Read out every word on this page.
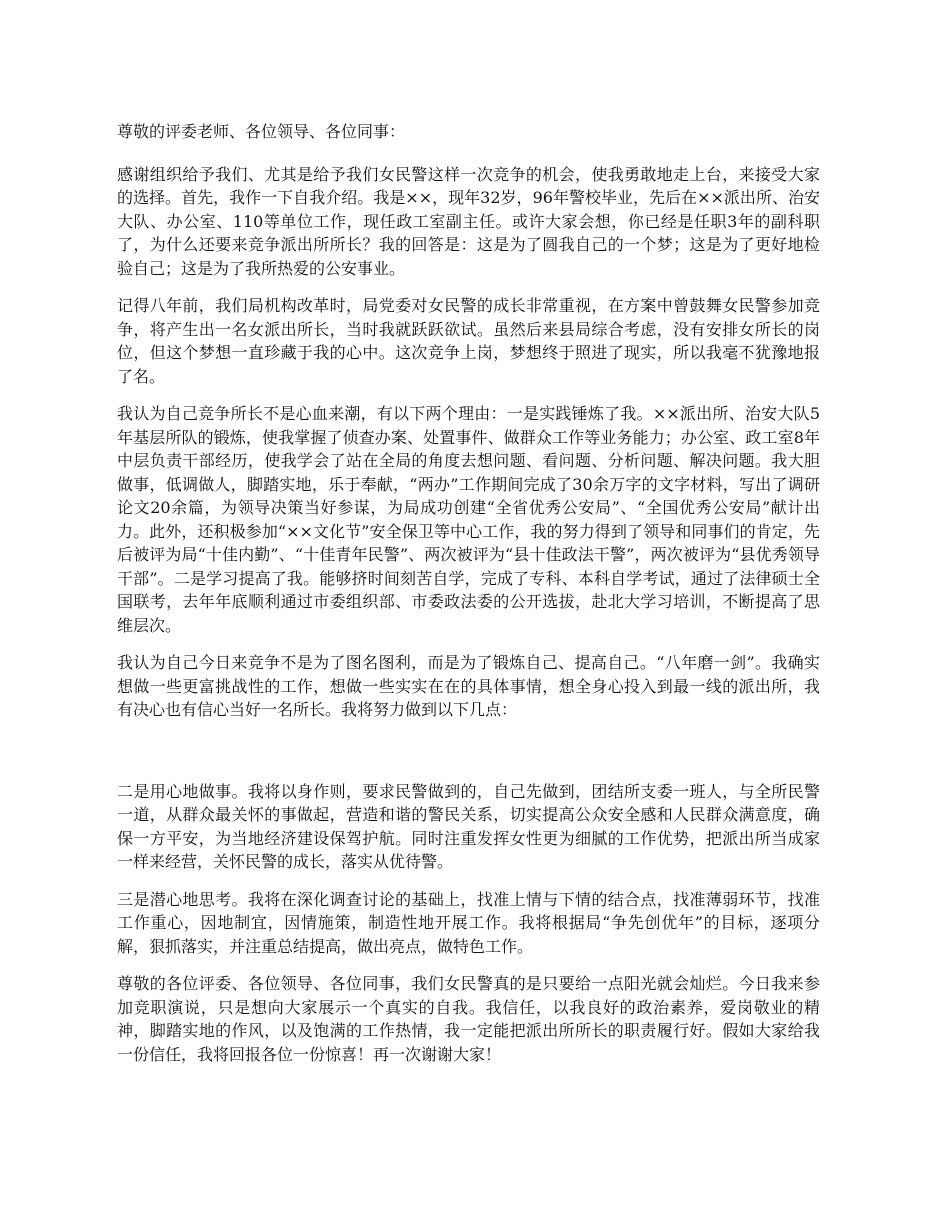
尊敬的评委老师、各位领导、各位同事：

感谢组织给予我们、尤其是给予我们女民警这样一次竞争的机会，使我勇敢地走上台，来接受大家的选择。首先，我作一下自我介绍。我是××，现年32岁，96年警校毕业，先后在××派出所、治安大队、办公室、110等单位工作，现任政工室副主任。或许大家会想，你已经是任职3年的副科职了，为什么还要来竞争派出所所长？我的回答是：这是为了圆我自己的一个梦；这是为了更好地检验自己；这是为了我所热爱的公安事业。

记得八年前，我们局机构改革时，局党委对女民警的成长非常重视，在方案中曾鼓舞女民警参加竞争，将产生出一名女派出所长，当时我就跃跃欲试。虽然后来县局综合考虑，没有安排女所长的岗位，但这个梦想一直珍藏于我的心中。这次竞争上岗，梦想终于照进了现实，所以我毫不犹豫地报了名。

我认为自己竞争所长不是心血来潮，有以下两个理由：一是实践锤炼了我。××派出所、治安大队5年基层所队的锻炼，使我掌握了侦查办案、处置事件、做群众工作等业务能力；办公室、政工室8年中层负责干部经历，使我学会了站在全局的角度去想问题、看问题、分析问题、解决问题。我大胆做事，低调做人，脚踏实地，乐于奉献，“两办”工作期间完成了30余万字的文字材料，写出了调研论文20余篇，为领导决策当好参谋，为局成功创建“全省优秀公安局”、“全国优秀公安局”献计出力。此外，还积极参加“××文化节”安全保卫等中心工作，我的努力得到了领导和同事们的肯定，先后被评为局“十佳内勤”、“十佳青年民警”、两次被评为“县十佳政法干警”，两次被评为“县优秀领导干部”。二是学习提高了我。能够挤时间刻苦自学，完成了专科、本科自学考试，通过了法律硕士全国联考，去年年底顺利通过市委组织部、市委政法委的公开选拔，赴北大学习培训，不断提高了思维层次。

我认为自己今日来竞争不是为了图名图利，而是为了锻炼自己、提高自己。“八年磨一剑”。我确实想做一些更富挑战性的工作，想做一些实实在在的具体事情，想全身心投入到最一线的派出所，我有决心也有信心当好一名所长。我将努力做到以下几点：

二是用心地做事。我将以身作则，要求民警做到的，自己先做到，团结所支委一班人，与全所民警一道，从群众最关怀的事做起，营造和谐的警民关系，切实提高公众安全感和人民群众满意度，确保一方平安，为当地经济建设保驾护航。同时注重发挥女性更为细腻的工作优势，把派出所当成家一样来经营，关怀民警的成长，落实从优待警。

三是潜心地思考。我将在深化调查讨论的基础上，找准上情与下情的结合点，找准薄弱环节，找准工作重心，因地制宜，因情施策，制造性地开展工作。我将根据局“争先创优年”的目标，逐项分解，狠抓落实，并注重总结提高，做出亮点，做特色工作。

尊敬的各位评委、各位领导、各位同事，我们女民警真的是只要给一点阳光就会灿烂。今日我来参加竞职演说，只是想向大家展示一个真实的自我。我信任，以我良好的政治素养，爱岗敬业的精神，脚踏实地的作风，以及饱满的工作热情，我一定能把派出所所长的职责履行好。假如大家给我一份信任，我将回报各位一份惊喜！再一次谢谢大家！
